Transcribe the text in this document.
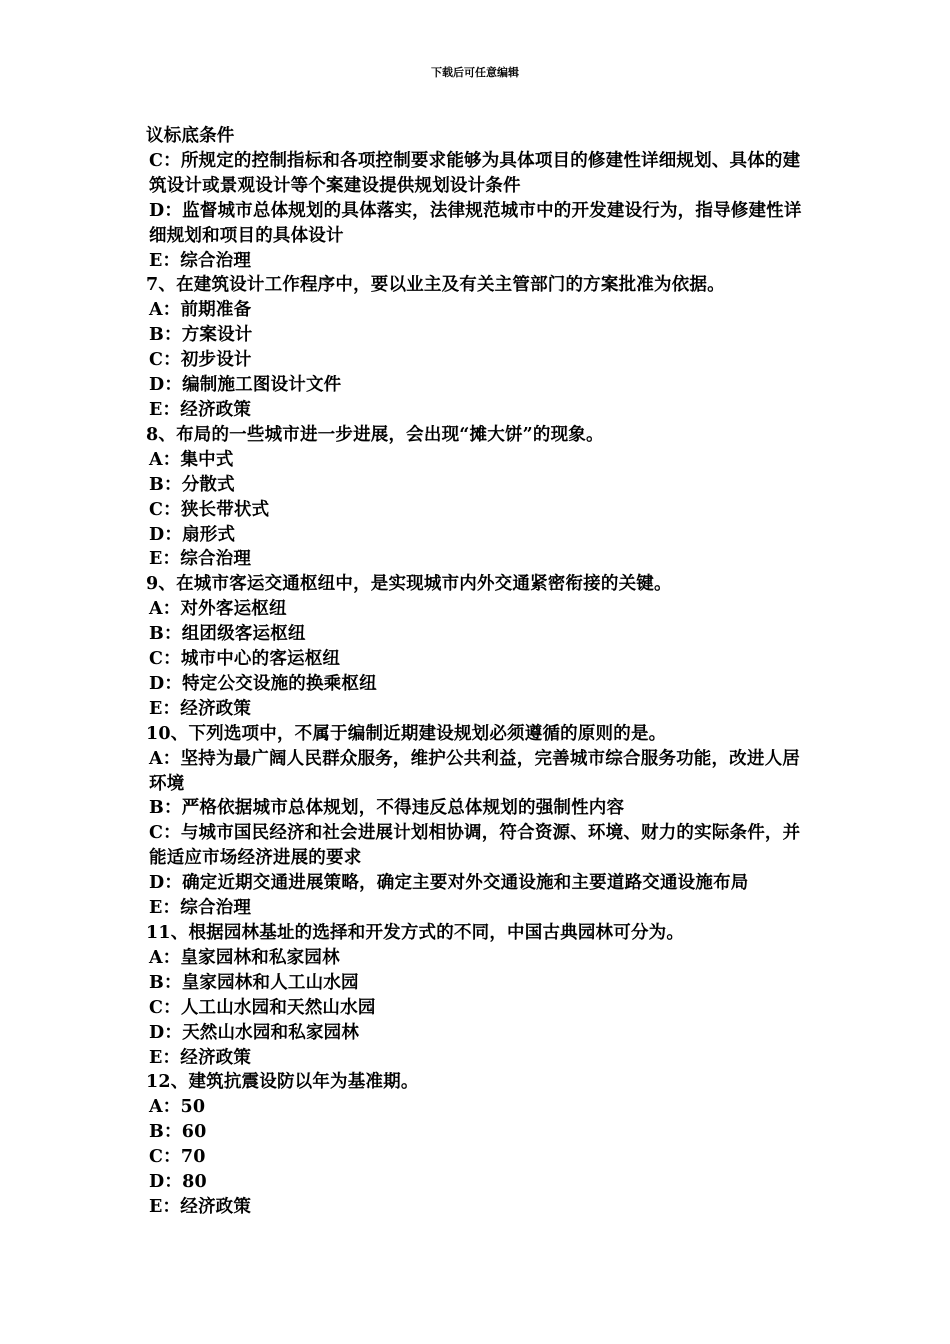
下载后可任意编辑
议标底条件
C：所规定的控制指标和各项控制要求能够为具体项目的修建性详细规划、具体的建筑设计或景观设计等个案建设提供规划设计条件
D：监督城市总体规划的具体落实，法律规范城市中的开发建设行为，指导修建性详细规划和项目的具体设计
E：综合治理
7、在建筑设计工作程序中，要以业主及有关主管部门的方案批准为依据。
A：前期准备
B：方案设计
C：初步设计
D：编制施工图设计文件
E：经济政策
8、布局的一些城市进一步进展，会出现“摊大饼”的现象。
A：集中式
B：分散式
C：狭长带状式
D：扇形式
E：综合治理
9、在城市客运交通枢纽中，是实现城市内外交通紧密衔接的关键。
A：对外客运枢纽
B：组团级客运枢纽
C：城市中心的客运枢纽
D：特定公交设施的换乘枢纽
E：经济政策
10、下列选项中，不属于编制近期建设规划必须遵循的原则的是。
A：坚持为最广阔人民群众服务，维护公共利益，完善城市综合服务功能，改进人居环境
B：严格依据城市总体规划，不得违反总体规划的强制性内容
C：与城市国民经济和社会进展计划相协调，符合资源、环境、财力的实际条件，并能适应市场经济进展的要求
D：确定近期交通进展策略，确定主要对外交通设施和主要道路交通设施布局
E：综合治理
11、根据园林基址的选择和开发方式的不同，中国古典园林可分为。
A：皇家园林和私家园林
B：皇家园林和人工山水园
C：人工山水园和天然山水园
D：天然山水园和私家园林
E：经济政策
12、建筑抗震设防以年为基准期。
A：50
B：60
C：70
D：80
E：经济政策
